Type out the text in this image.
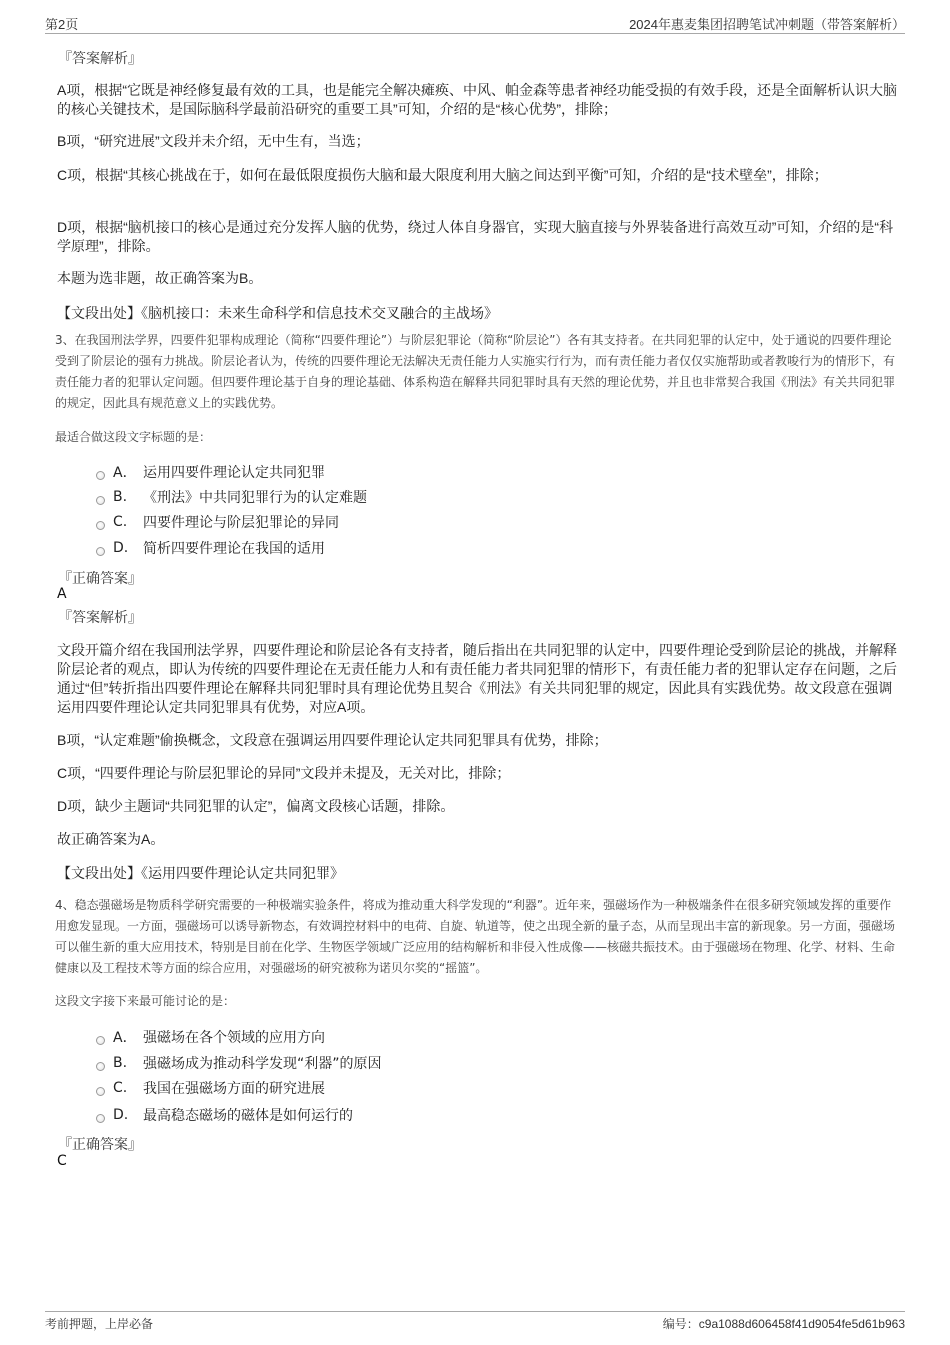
第2页	2024年惠麦集团招聘笔试冲刺题（带答案解析）
『答案解析』
A项，根据“它既是神经修复最有效的工具，也是能完全解决瘫痪、中风、帕金森等患者神经功能受损的有效手段，还是全面解析认识大脑的核心关键技术，是国际脑科学最前沿研究的重要工具”可知，介绍的是“核心优势”，排除；
B项，“研究进展”文段并未介绍，无中生有，当选；
C项，根据“其核心挑战在于，如何在最低限度损伤大脑和最大限度利用大脑之间达到平衡”可知，介绍的是“技术壁垒”，排除；
D项，根据“脑机接口的核心是通过充分发挥人脑的优势，绕过人体自身器官，实现大脑直接与外界装备进行高效互动”可知，介绍的是“科学原理”，排除。
本题为选非题，故正确答案为B。
【文段出处】《脑机接口：未来生命科学和信息技术交叉融合的主战场》
3、在我国刑法学界，四要件犯罪构成理论（简称“四要件理论”）与阶层犯罪论（简称“阶层论”）各有其支持者。在共同犯罪的认定中，处于通说的四要件理论受到了阶层论的强有力挑战。阶层论者认为，传统的四要件理论无法解决无责任能力人实施实行行为，而有责任能力者仅仅实施帮助或者教唆行为的情形下，有责任能力者的犯罪认定问题。但四要件理论基于自身的理论基础、体系构造在解释共同犯罪时具有天然的理论优势，并且也非常契合我国《刑法》有关共同犯罪的规定，因此具有规范意义上的实践优势。
最适合做这段文字标题的是：
A． 运用四要件理论认定共同犯罪
B.	《刑法》中共同犯罪行为的认定难题
C.	四要件理论与阶层犯罪论的异同
D.	简析四要件理论在我国的适用
『正确答案』
A
『答案解析』
文段开篇介绍在我国刑法学界，四要件理论和阶层论各有支持者，随后指出在共同犯罪的认定中，四要件理论受到阶层论的挑战，并解释阶层论者的观点，即认为传统的四要件理论在无责任能力人和有责任能力者共同犯罪的情形下，有责任能力者的犯罪认定存在问题，之后通过“但”转折指出四要件理论在解释共同犯罪时具有理论优势且契合《刑法》有关共同犯罪的规定，因此具有实践优势。故文段意在强调运用四要件理论认定共同犯罪具有优势，对应A项。
B项，“认定难题”偷换概念，文段意在强调运用四要件理论认定共同犯罪具有优势，排除；
C项，“四要件理论与阶层犯罪论的异同”文段并未提及，无关对比，排除；
D项，缺少主题词“共同犯罪的认定”，偏离文段核心话题，排除。
故正确答案为A。
【文段出处】《运用四要件理论认定共同犯罪》
4、稳态强磁场是物质科学研究需要的一种极端实验条件，将成为推动重大科学发现的“利器”。近年来，强磁场作为一种极端条件在很多研究领域发挥的重要作用愈发显现。一方面，强磁场可以诱导新物态，有效调控材料中的电荷、自旋、轨道等，使之出现全新的量子态，从而呈现出丰富的新现象。另一方面，强磁场可以催生新的重大应用技术，特别是目前在化学、生物医学领域广泛应用的结构解析和非侵入性成像——核磁共振技术。由于强磁场在物理、化学、材料、生命健康以及工程技术等方面的综合应用，对强磁场的研究被称为诺贝尔奖的“摇篮”。
这段文字接下来最可能讨论的是：
A． 强磁场在各个领域的应用方向
B.	强磁场成为推动科学发现“利器”的原因
C.	我国在强磁场方面的研究进展
D.	最高稳态磁场的磁体是如何运行的
『正确答案』
C
考前押题，上岸必备	编号：c9a1088d606458f41d9054fe5d61b963
